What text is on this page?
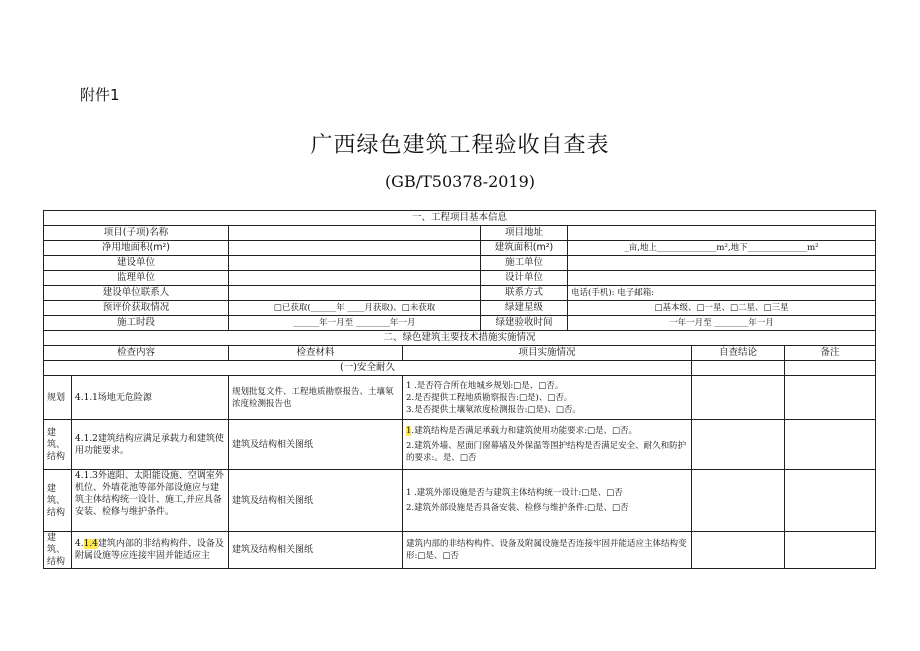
附件1
广西绿色建筑工程验收自查表
(GB/T50378-2019)
一、工程项目基本信息							
项目(子项)名称				项目地址			
净用地面积(m²)				建筑面积(m²)	_亩,地上______________m²,地下______________m²		
建设单位				施工单位			
监理单位				设计单位			
建设单位联系人				联系方式	电话(手机): 电子邮箱:		
预评价获取情况		□已获取(______年 ____月获取)、□未获取		绿建星级	□基本级、□一星、□二星、□三星		
施工时段		______年一月至 ________年一月		绿建验收时间	一年一月至 ________年一月		
二、绿色建筑主要技术措施实施情况							
检查内容		检查材料	项目实施情况			自查结论	备注
(一)安全耐久							
规划	4.1.1场地无危险源	规划批复文件、工程地质勘察报告、土壤氡浓度检测报告也	1 .是否符合所在地城乡规划:□是、□否。
2.是否提供工程地质勘察报告:□是)、□否。
3.是否提供土壤氡浓度检测报告:□是)、□否。				

建筑、结构	4.1.2建筑结构应满足承载力和建筑使用功能要求。	建筑及结构相关图纸	1.建筑结构是否满足承载力和建筑使用功能要求:□是、□否。
2.建筑外墙、屋面门窗幕墙及外保温等围护结构是否满足安全、耐久和防护的要求:。是、□否				

建筑、结构	4.1.3外遮阳、太阳能设施、空调室外机位、外墙花池等部外部设施应与建筑主体结构统一设计、施工,并应具备安装、检修与维护条件。	建筑及结构相关图纸	1 .建筑外部设施是否与建筑主体结构统一设计:□是、□否
2.建筑外部设施是否具备安装、检修与维护条件:□是、□否				

建筑、结构	4.1.4建筑内部的非结构构件、设备及附属设施等应连接牢固并能适应主	建筑及结构相关图纸	建筑内部的非结构构件、设备及附属设施是否连接牢固并能适应主体结构变形:□是、□否				
